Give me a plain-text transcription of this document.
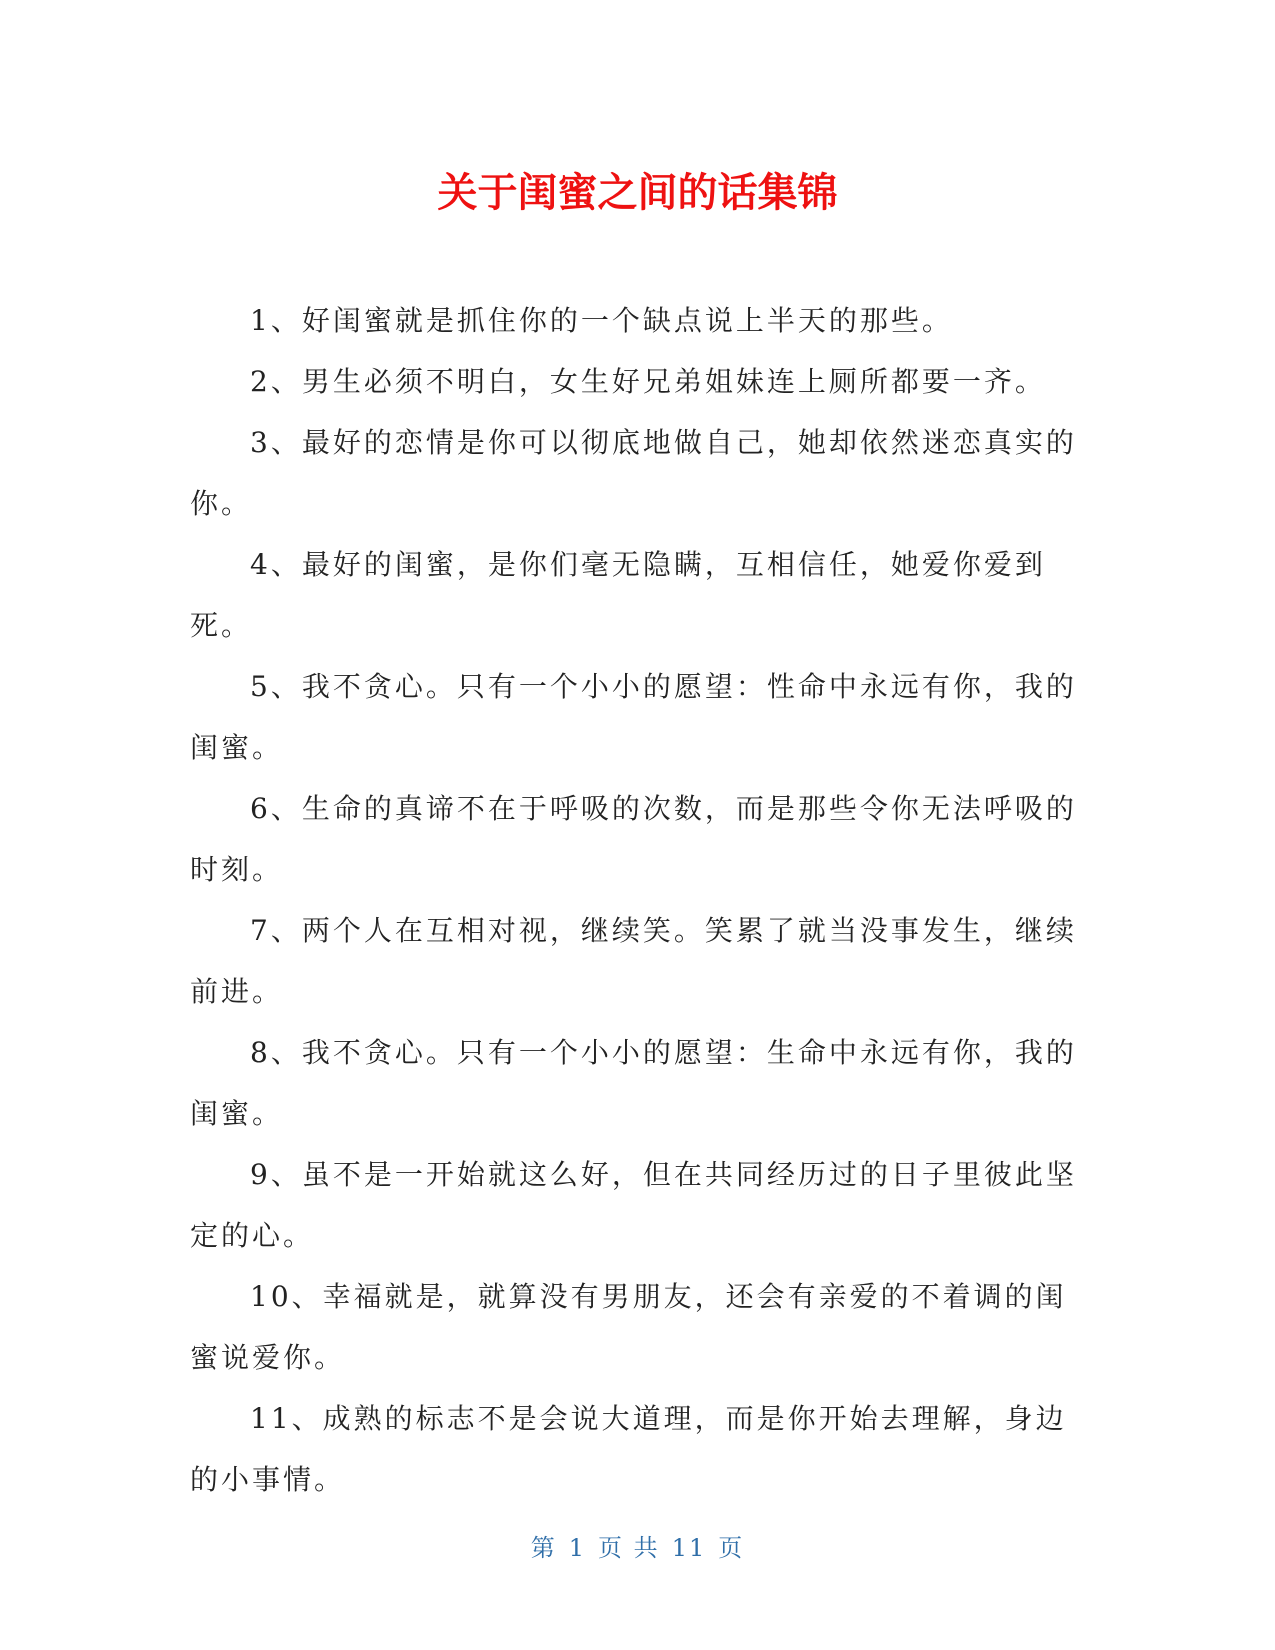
关于闺蜜之间的话集锦

1、好闺蜜就是抓住你的一个缺点说上半天的那些。

2、男生必须不明白，女生好兄弟姐妹连上厕所都要一齐。

3、最好的恋情是你可以彻底地做自己，她却依然迷恋真实的你。

4、最好的闺蜜，是你们毫无隐瞒，互相信任，她爱你爱到死。

5、我不贪心。只有一个小小的愿望：性命中永远有你，我的闺蜜。

6、生命的真谛不在于呼吸的次数，而是那些令你无法呼吸的时刻。

7、两个人在互相对视，继续笑。笑累了就当没事发生，继续前进。

8、我不贪心。只有一个小小的愿望：生命中永远有你，我的闺蜜。

9、虽不是一开始就这么好，但在共同经历过的日子里彼此坚定的心。

10、幸福就是，就算没有男朋友，还会有亲爱的不着调的闺蜜说爱你。

11、成熟的标志不是会说大道理，而是你开始去理解，身边的小事情。

第 1 页 共 11 页
